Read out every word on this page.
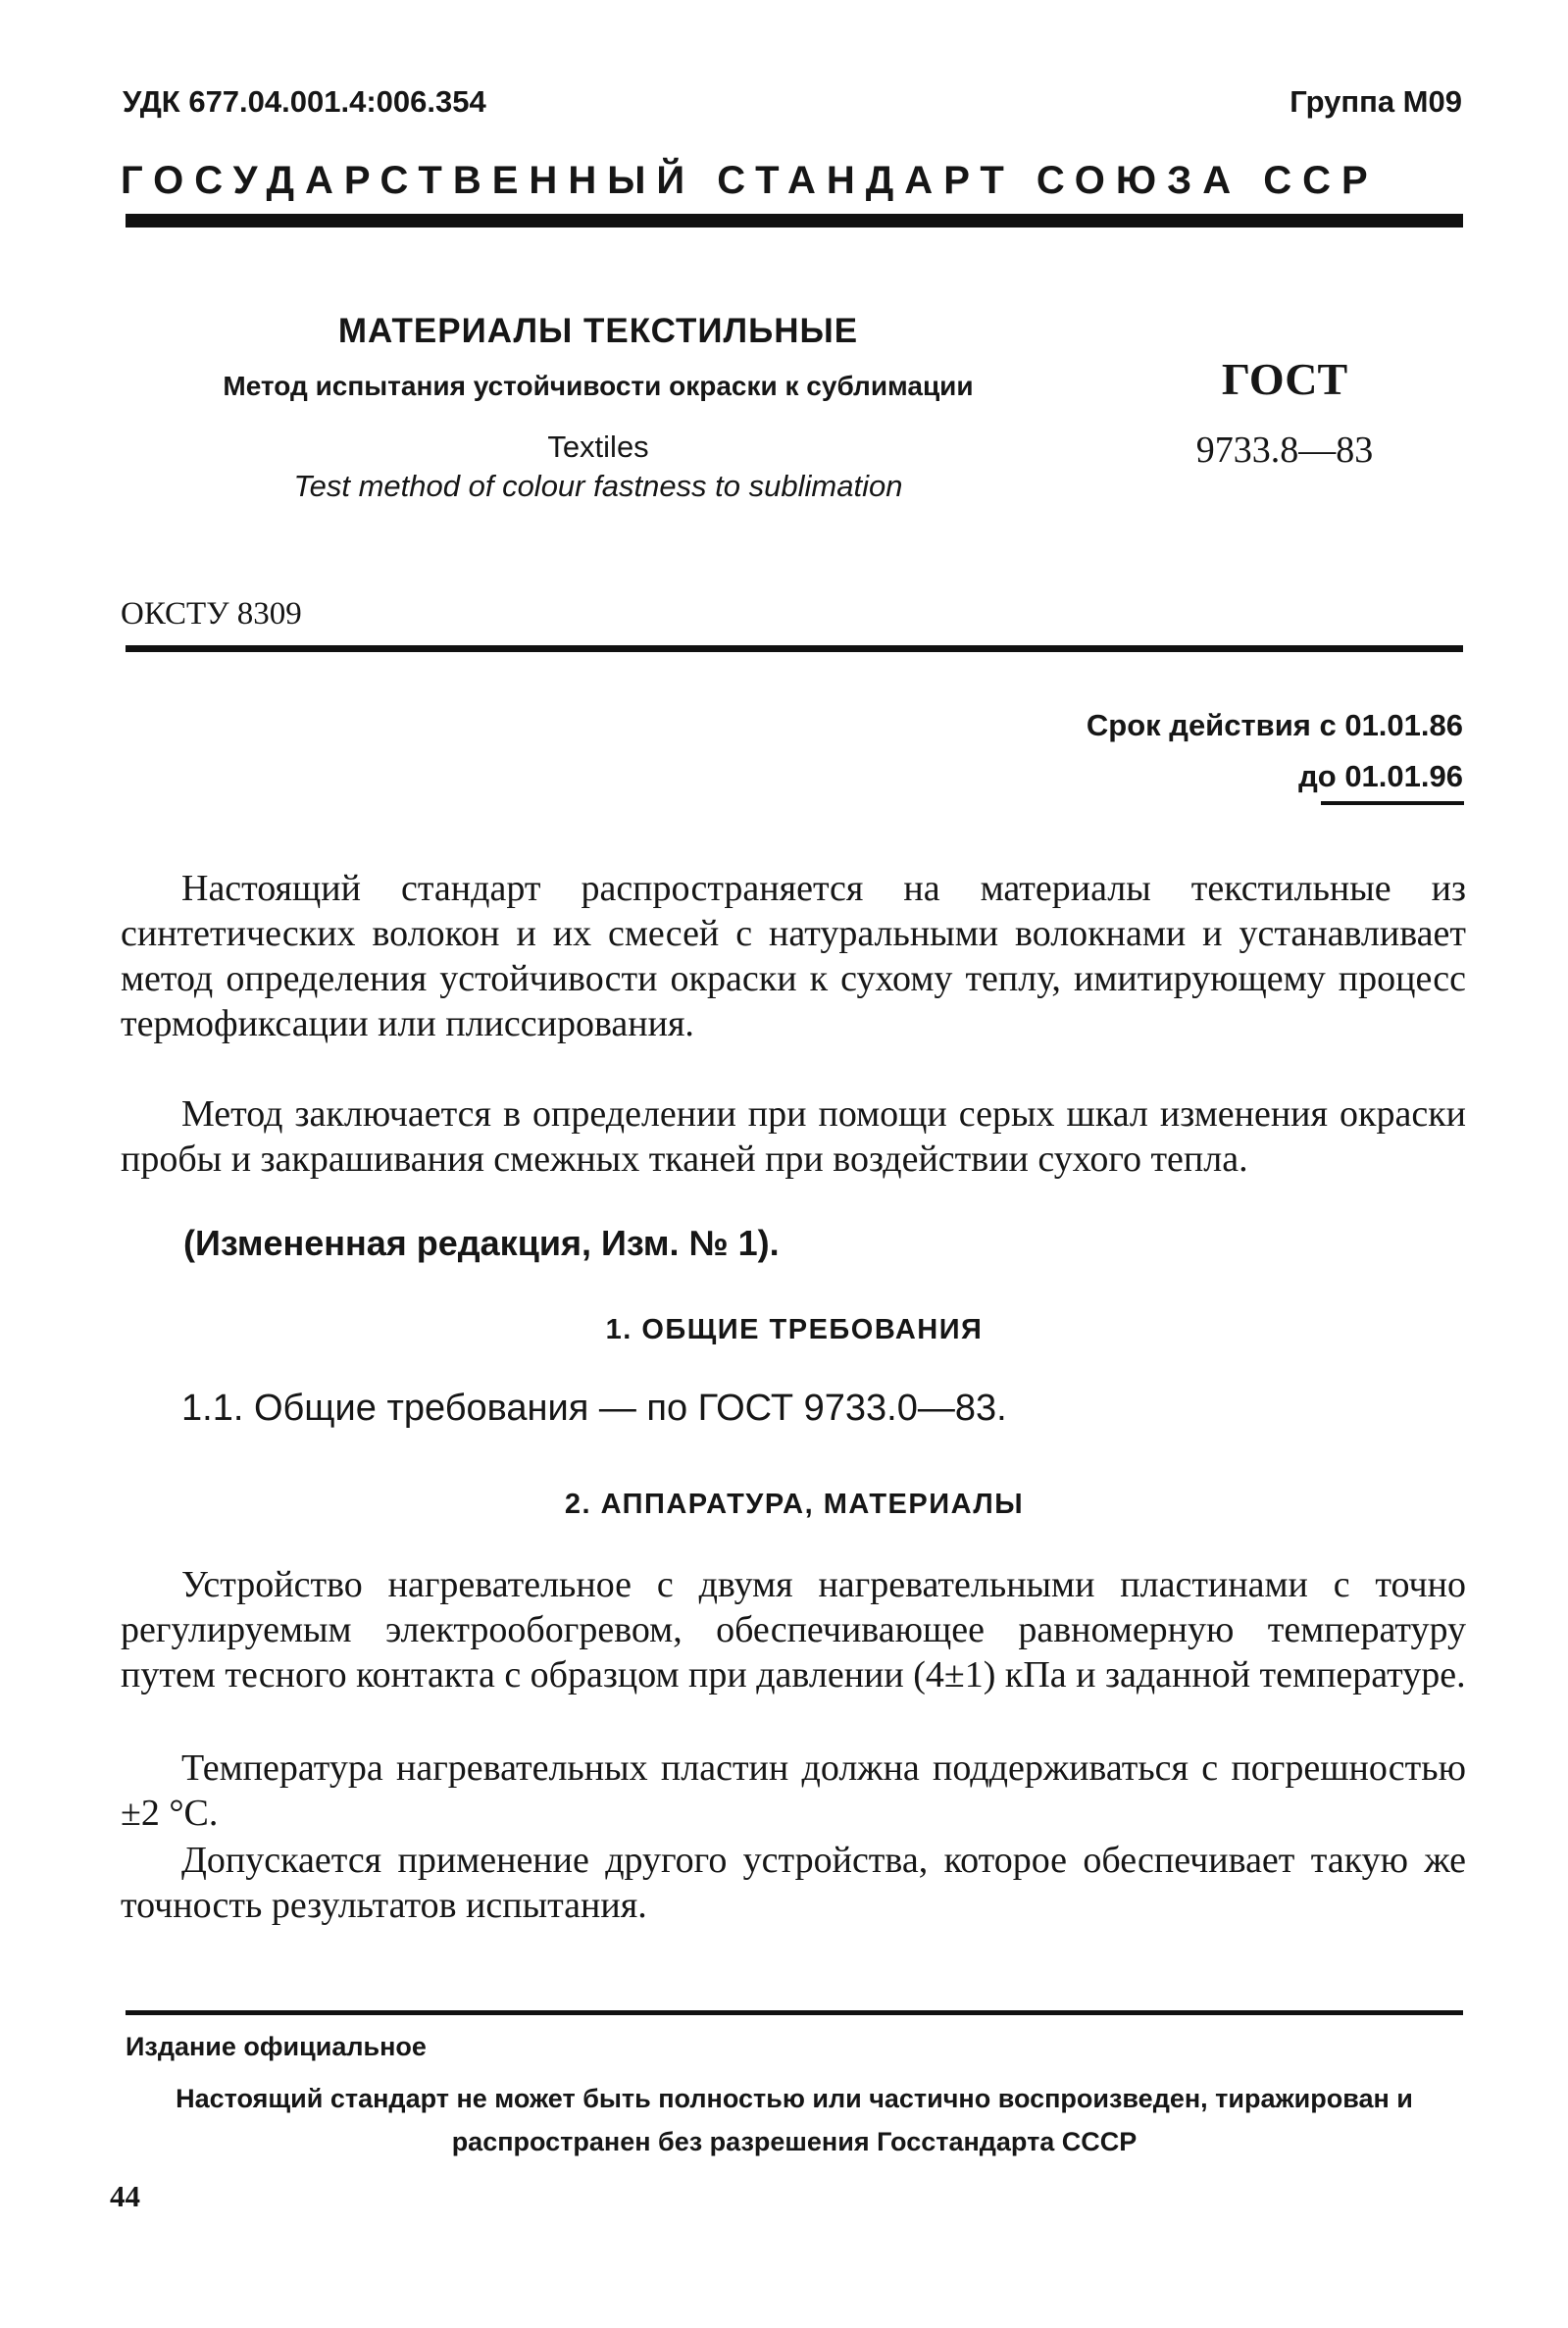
УДК 677.04.001.4:006.354	Группа М09
ГОСУДАРСТВЕННЫЙ СТАНДАРТ СОЮЗА ССР
МАТЕРИАЛЫ ТЕКСТИЛЬНЫЕ
Метод испытания устойчивости окраски к сублимации
Textiles
Test method of colour fastness to sublimation
ГОСТ
9733.8—83
ОКСТУ 8309
Срок действия с 01.01.86
до 01.01.96
Настоящий стандарт распространяется на материалы текстильные из синтетических волокон и их смесей с натуральными волокнами и устанавливает метод определения устойчивости окраски к сухому теплу, имитирующему процесс термофиксации или плиссирования.
Метод заключается в определении при помощи серых шкал изменения окраски пробы и закрашивания смежных тканей при воздействии сухого тепла.
(Измененная редакция, Изм. № 1).
1. ОБЩИЕ ТРЕБОВАНИЯ
1.1. Общие требования — по ГОСТ 9733.0—83.
2. АППАРАТУРА, МАТЕРИАЛЫ
Устройство нагревательное с двумя нагревательными пластинами с точно регулируемым электрообогревом, обеспечивающее равномерную температуру путем тесного контакта с образцом при давлении (4±1) кПа и заданной температуре.
Температура нагревательных пластин должна поддерживаться с погрешностью ±2 °С.
Допускается применение другого устройства, которое обеспечивает такую же точность результатов испытания.
Издание официальное
Настоящий стандарт не может быть полностью или частично воспроизведен, тиражирован и распространен без разрешения Госстандарта СССР
44
